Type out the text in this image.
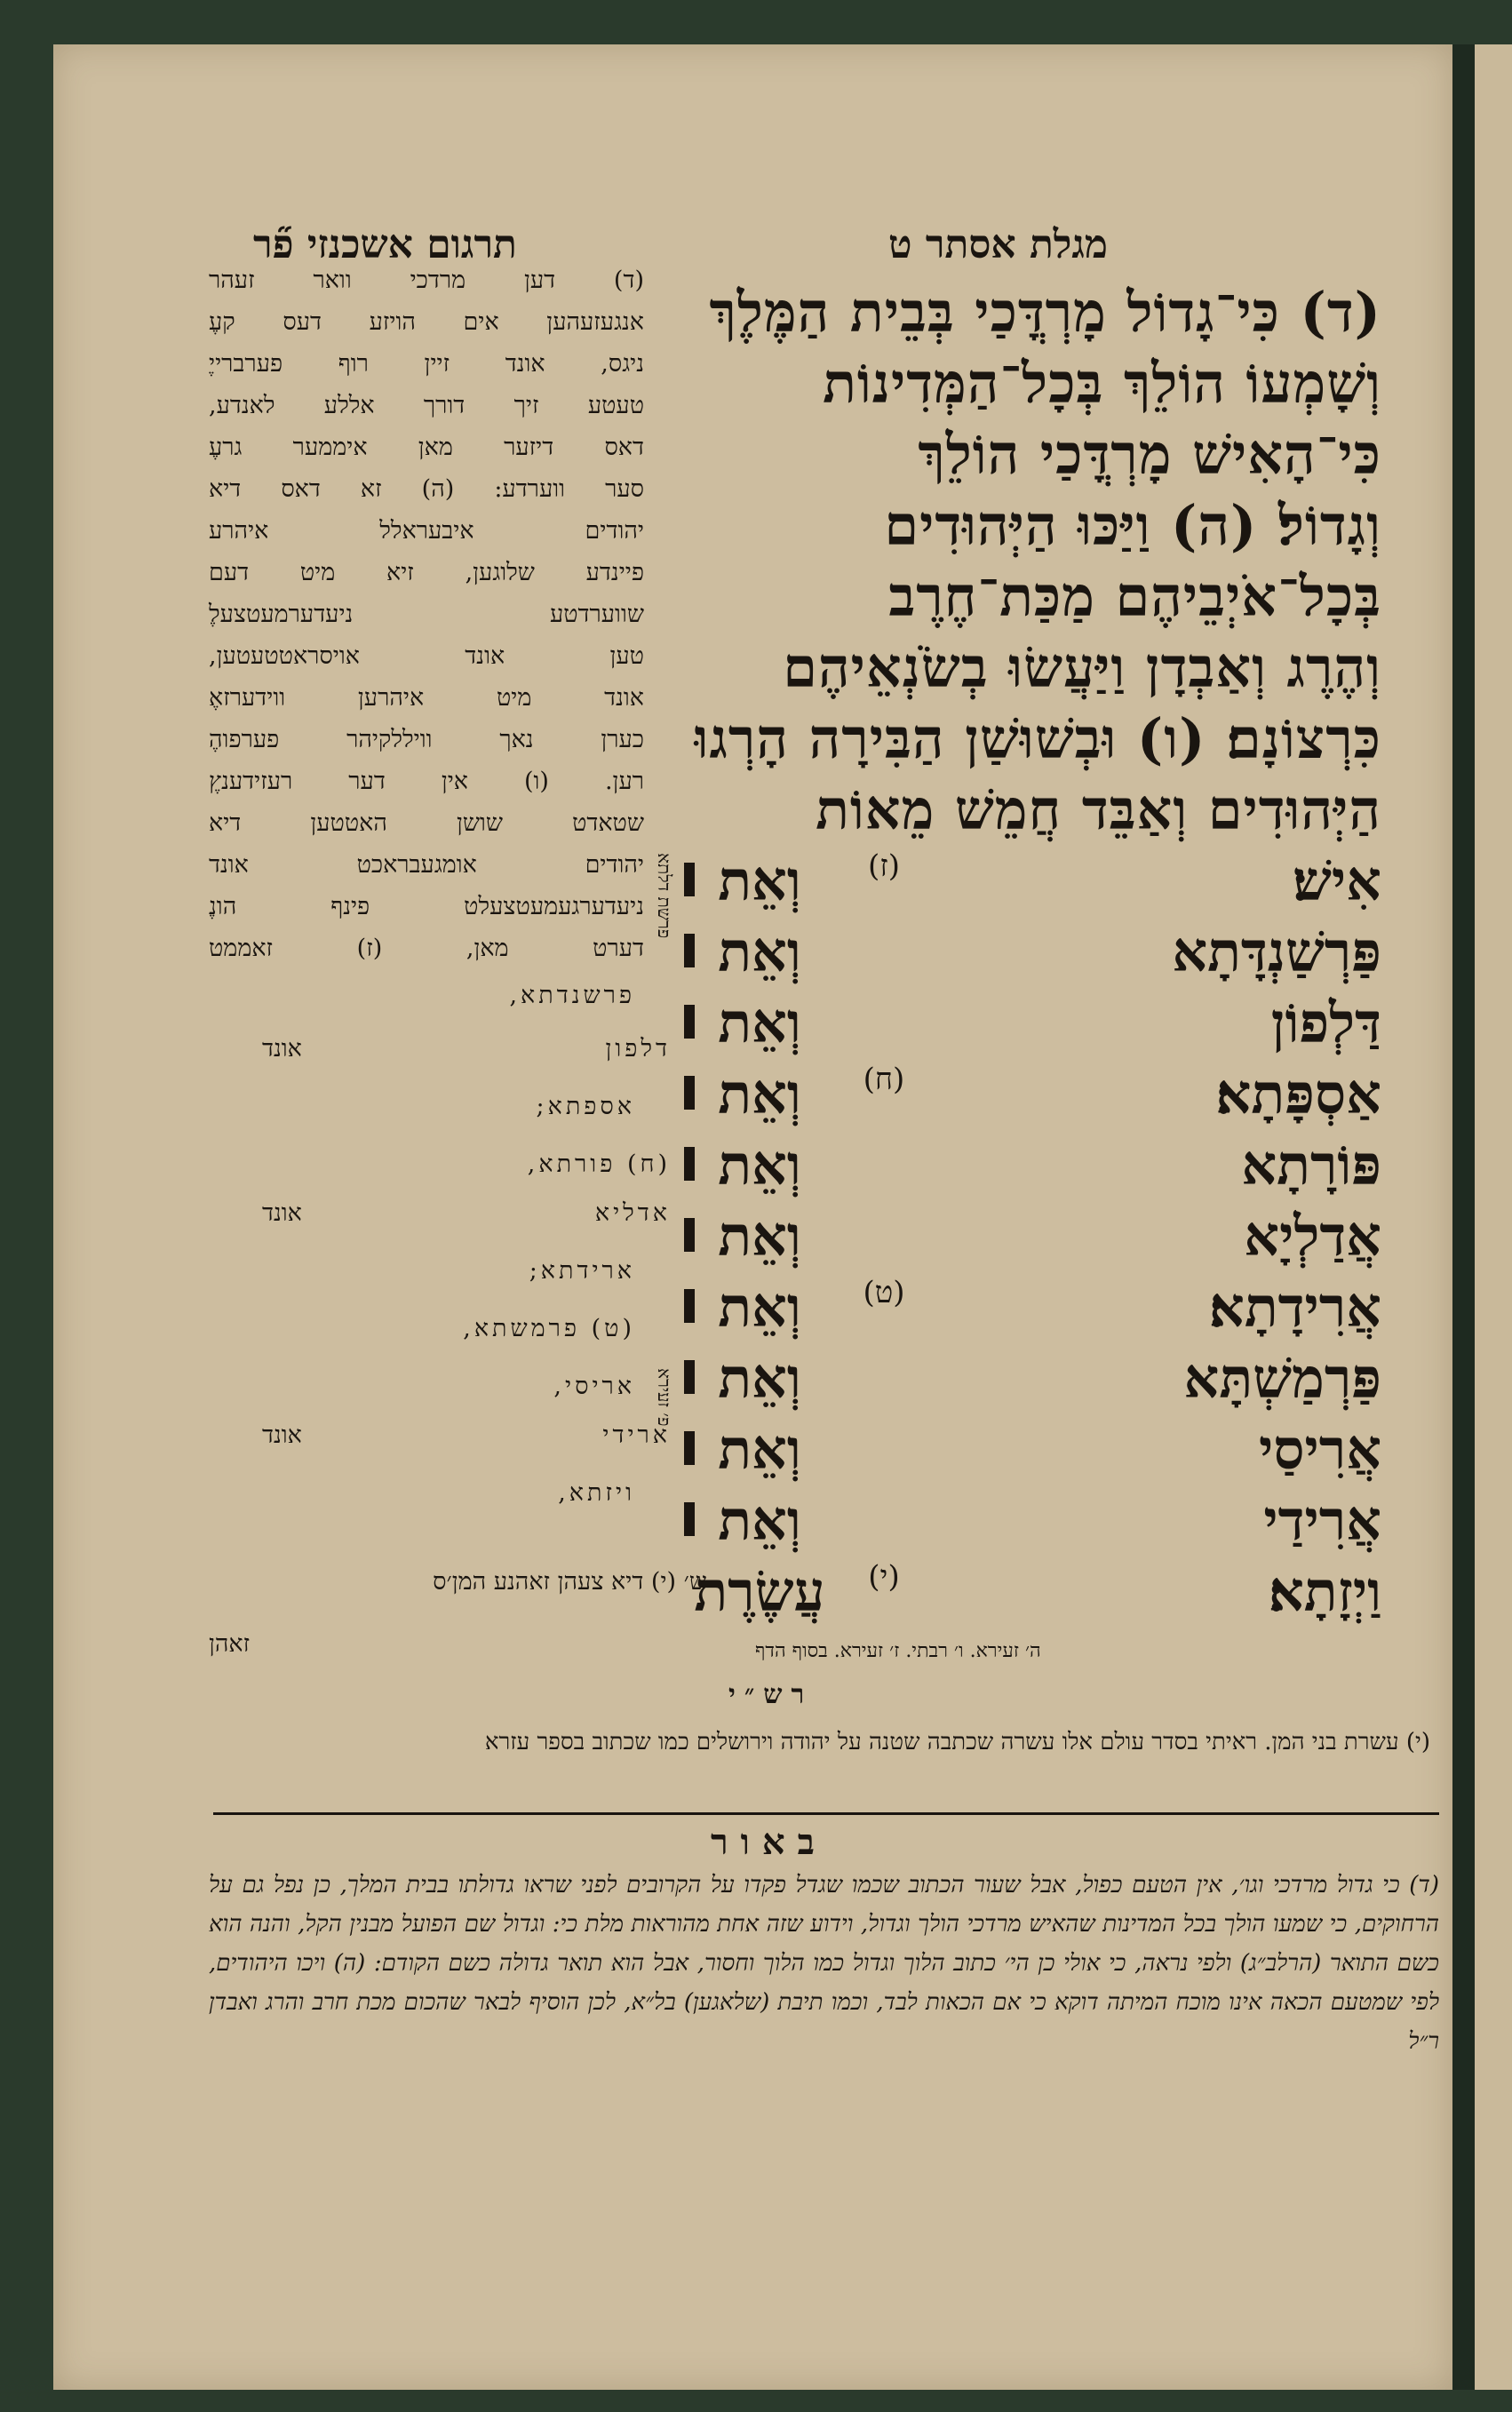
תרגום אשכנזי פ֞ר	מגלת אסתר ט
(ד) כִּי־גָדוֹל מָרְדֳּכַי בְּבֵית הַמֶּלֶךְ
וְשָׁמְעוֹ הוֹלֵךְ בְּכָל־הַמְּדִינוֹת
כִּי־הָאִישׁ מָרְדֳּכַי הוֹלֵךְ
וְגָדוֹל׃ (ה) וַיַּכּוּ הַיְּהוּדִים
בְּכָל־אֹיְבֵיהֶם מַכַּת־חֶרֶב
וְהֶרֶג וְאַבְדָן וַיַּעֲשׂוּ בְשֹׂנְאֵיהֶם
כִּרְצוֹנָם׃ (ו) וּבְשׁוּשַׁן הַבִּירָה הָרְגוּ
הַיְּהוּדִים וְאַבֵּד חֲמֵשׁ מֵאוֹת
אִישׁ׃
(ז)
וְאֵת
פַּרְשַׁנְדָּתָא
וְאֵת
דַּלְפוֹן
וְאֵת
אַסְפָּתָא׃
(ח)
וְאֵת
פּוֹרָתָא
וְאֵת
אֲדַלְיָא
וְאֵת
אֲרִידָתָא׃
(ט)
וְאֵת
פַּרְמַשְׁתָּא
וְאֵת
אֲרִיסַי
וְאֵת
אֲרִידַי
וְאֵת
וַיְזָתָא׃
(י)
עֲשֶׂרֶת
פרשת דלתא
פ׳ זעירא
(ד) דען מרדכי וואר זעהר
אנגעזעהען אים הויזע דעס קעֶ
ניגס, אונד זיין רוף פערברייֶ
טעטע זיך דורך אללע לאנדע,
דאס דיזער מאן איממער גרעֶ
סער ווערדע: (ה) זא דאס דיא
יהודים איבעראלל איהרע
פיינדע שלוגען, זיא מיט דעם
שווערדטע ניעדערמעטצעלֶ
טען אונד אויסראטטעטען,
אונד מיט איהרען ווידערזאֶ
כערן נאך וויללקיהר פערפוהֶ
רען. (ו) אין דער רעזידענץֶ
שטאדט שושן האטטען דיא
יהודים אומגעבראכט אונד
ניעדערגעמעטצעלט פינף הונֶ
דערט מאן, (ז) זאממט
פרשנדתא,
דלפון
אונד
אספתא;
(ח) פורתא,
אדליא
אונד
ארידתא;
(ט) פרמשתא,
אריסי,
ארידי
אונד
ויזתא,
ש׳ (י) דיא צעהן זאהנע המן׳ס
זאהן	ה׳ זעירא. ו׳ רבתי. ז׳ זעירא. בסוף הדף
רש״י
(י) עשרת בני המן. ראיתי בסדר עולם אלו עשרה שכתבה שטנה על יהודה וירושלים כמו שכתוב בספר עזרא
באור
(ד) כי גדול מרדכי וגו׳, אין הטעם כפול, אבל שעור הכתוב שכמו שגדל פקדו על הקרובים לפני שראו גדולתו בבית המלך, כן נפל גם על הרחוקים, כי שמעו הולך בכל המדינות שהאיש מרדכי הולך וגדול, וידוע שזה אחת מהוראות מלת כי: וגדול שם הפועל מבנין הקל, והנה הוא כשם התואר (הרלב״ג) ולפי נראה, כי אולי כן הי׳ כתוב הלוך וגדול כמו הלוך וחסור, אבל הוא תואר גדולה כשם הקודם: (ה) ויכו היהודים, לפי שמטעם הכאה אינו מוכח המיתה דוקא כי אם הכאות לבד, וכמו תיבת (שלאגען) בל״א, לכן הוסיף לבאר שהכום מכת חרב והרג ואבדן ר״ל
